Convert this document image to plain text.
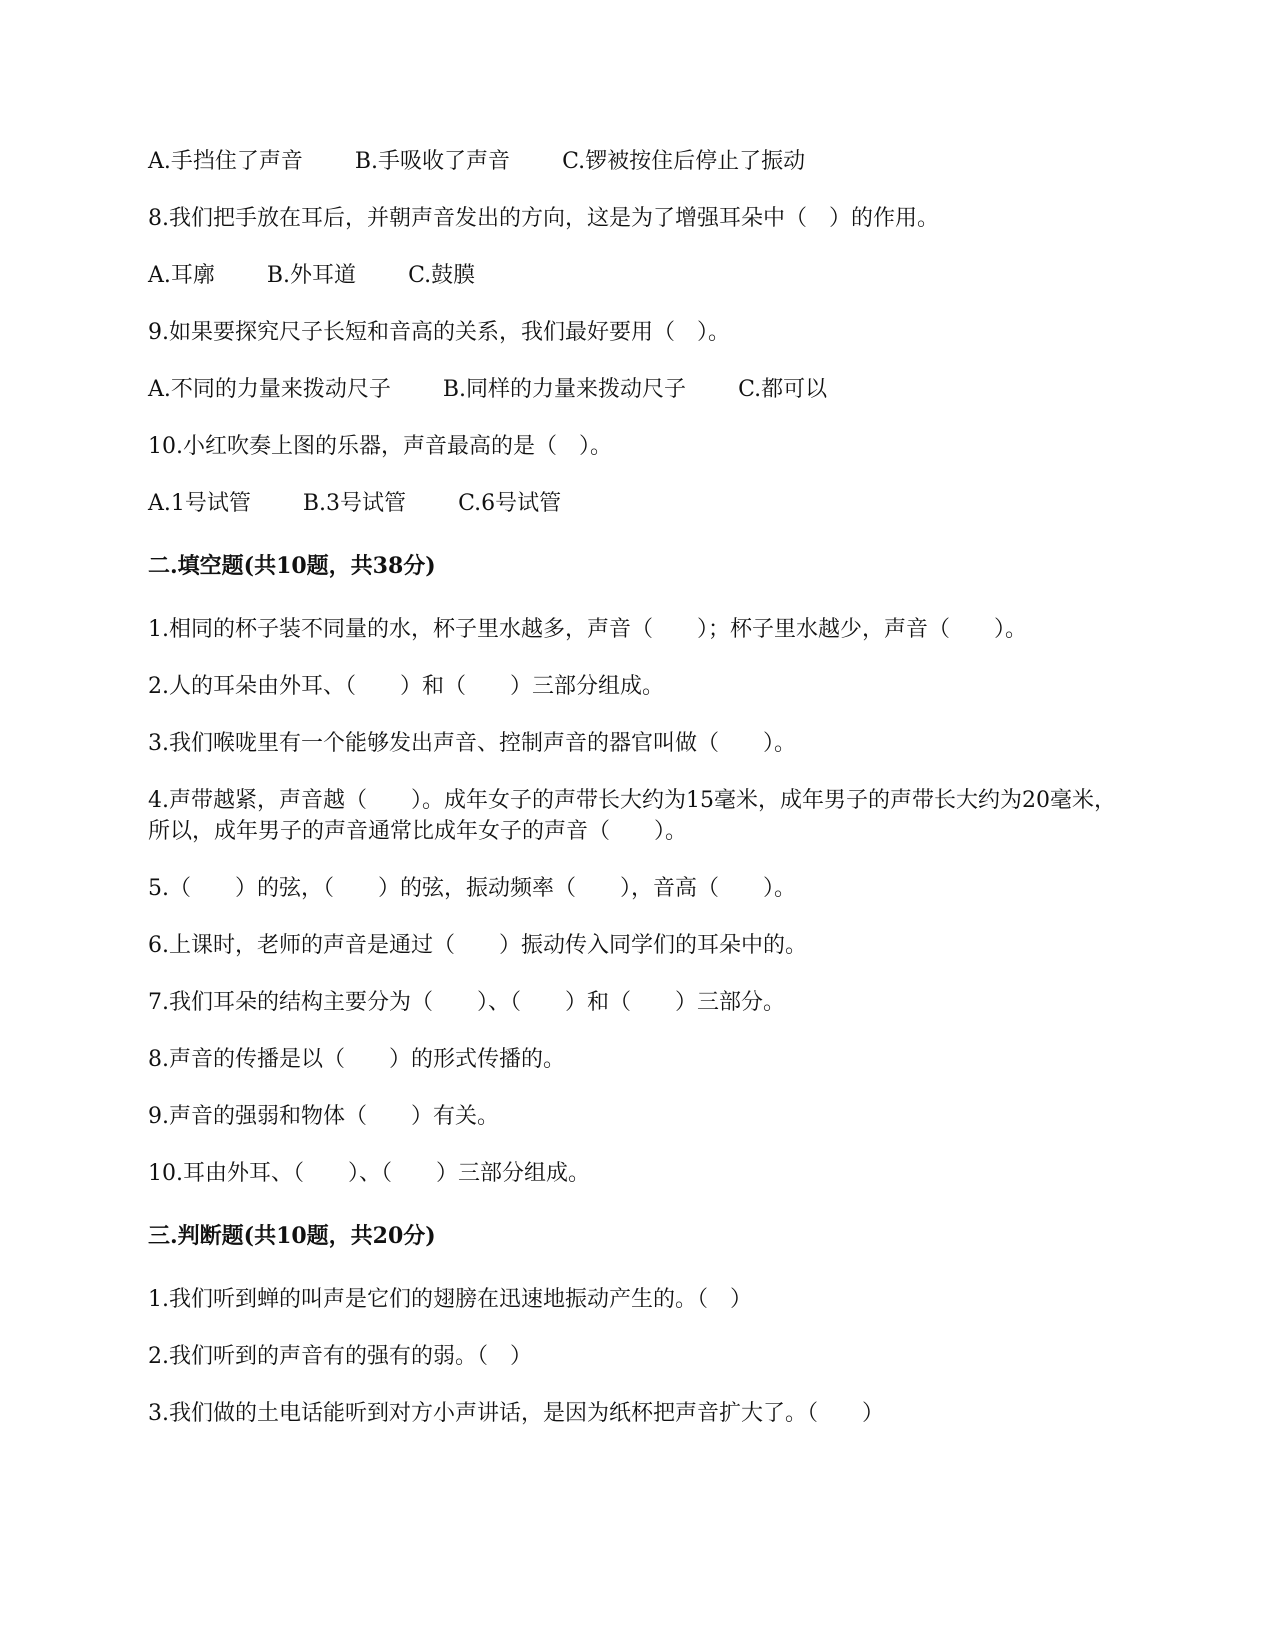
A.手挡住了声音 B.手吸收了声音 C.锣被按住后停止了振动

8.我们把手放在耳后，并朝声音发出的方向，这是为了增强耳朵中（　）的作用。

A.耳廓 B.外耳道 C.鼓膜

9.如果要探究尺子长短和音高的关系，我们最好要用（　）。

A.不同的力量来拨动尺子 B.同样的力量来拨动尺子 C.都可以

10.小红吹奏上图的乐器，声音最高的是（　）。

A.1号试管 B.3号试管 C.6号试管

二.填空题(共10题，共38分)

1.相同的杯子装不同量的水，杯子里水越多，声音（　　）；杯子里水越少，声音（　　）。

2.人的耳朵由外耳、（　　）和（　　）三部分组成。

3.我们喉咙里有一个能够发出声音、控制声音的器官叫做（　　）。

4.声带越紧，声音越（　　）。成年女子的声带长大约为15毫米，成年男子的声带长大约为20毫米，所以，成年男子的声音通常比成年女子的声音（　　）。

5.（　　）的弦，（　　）的弦，振动频率（　　），音高（　　）。

6.上课时，老师的声音是通过（　　）振动传入同学们的耳朵中的。

7.我们耳朵的结构主要分为（　　）、（　　）和（　　）三部分。

8.声音的传播是以（　　）的形式传播的。

9.声音的强弱和物体（　　）有关。

10.耳由外耳、（　　）、（　　）三部分组成。

三.判断题(共10题，共20分)

1.我们听到蝉的叫声是它们的翅膀在迅速地振动产生的。（　）

2.我们听到的声音有的强有的弱。（　）

3.我们做的土电话能听到对方小声讲话，是因为纸杯把声音扩大了。（　　）
